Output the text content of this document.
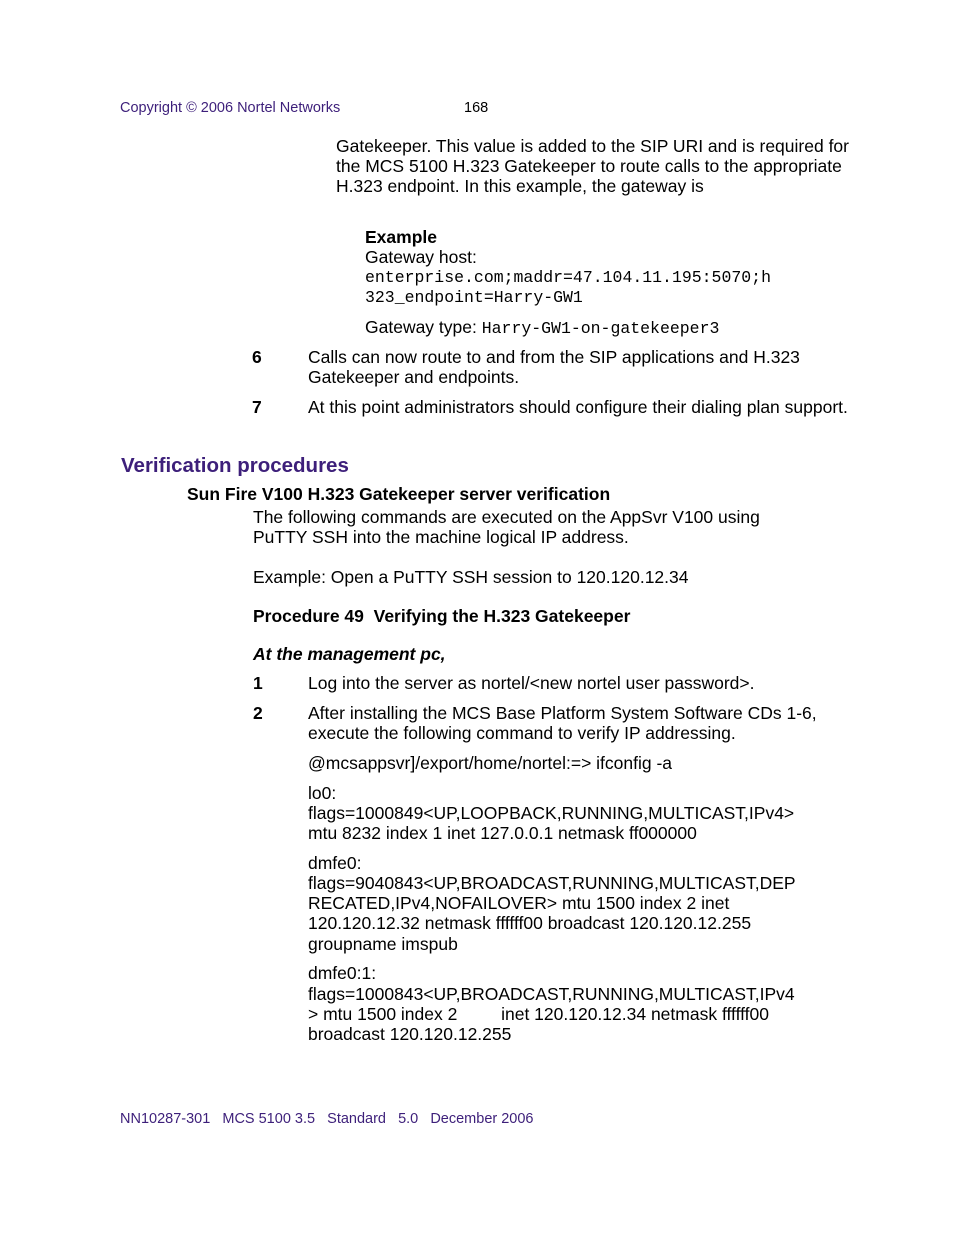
Copyright © 2006 Nortel Networks	168
Gatekeeper. This value is added to the SIP URI and is required for the MCS 5100 H.323 Gatekeeper to route calls to the appropriate H.323 endpoint. In this example, the gateway is
Example
Gateway host:
enterprise.com;maddr=47.104.11.195:5070;h
323_endpoint=Harry-GW1
Gateway type: Harry-GW1-on-gatekeeper3
6	Calls can now route to and from the SIP applications and H.323 Gatekeeper and endpoints.
7	At this point administrators should configure their dialing plan support.
Verification procedures
Sun Fire V100 H.323 Gatekeeper server verification
The following commands are executed on the AppSvr V100 using PuTTY SSH into the machine logical IP address.
Example: Open a PuTTY SSH session to 120.120.12.34
Procedure 49  Verifying the H.323 Gatekeeper
At the management pc,
1	Log into the server as nortel/<new nortel user password>.
2	After installing the MCS Base Platform System Software CDs 1-6, execute the following command to verify IP addressing.
@mcsappsvr]/export/home/nortel:=> ifconfig -a
lo0:
flags=1000849<UP,LOOPBACK,RUNNING,MULTICAST,IPv4>
mtu 8232 index 1 inet 127.0.0.1 netmask ff000000
dmfe0:
flags=9040843<UP,BROADCAST,RUNNING,MULTICAST,DEP
RECATED,IPv4,NOFAILOVER> mtu 1500 index 2 inet
120.120.12.32 netmask ffffff00 broadcast 120.120.12.255
groupname imspub
dmfe0:1:
flags=1000843<UP,BROADCAST,RUNNING,MULTICAST,IPv4
> mtu 1500 index 2         inet 120.120.12.34 netmask ffffff00
broadcast 120.120.12.255
NN10287-301   MCS 5100 3.5   Standard   5.0   December 2006
